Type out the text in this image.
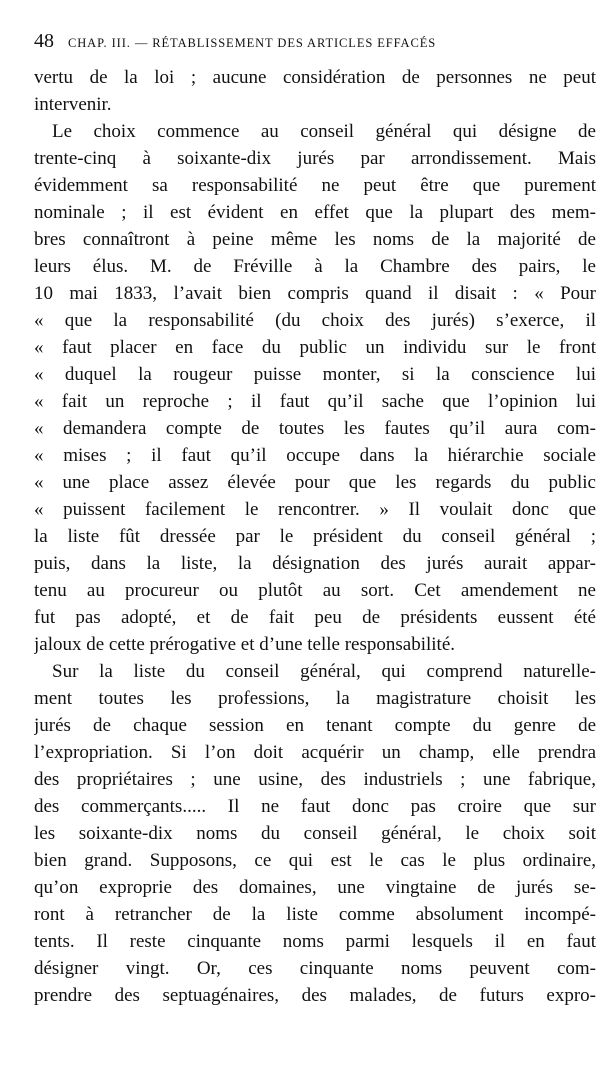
48 CHAP. III. — RÉTABLISSEMENT DES ARTICLES EFFACÉS
vertu de la loi ; aucune considération de personnes ne peut
intervenir.
Le choix commence au conseil général qui désigne de
trente-cinq à soixante-dix jurés par arrondissement. Mais
évidemment sa responsabilité ne peut être que purement
nominale ; il est évident en effet que la plupart des mem-
bres connaîtront à peine même les noms de la majorité de
leurs élus. M. de Fréville à la Chambre des pairs, le
10 mai 1833, l’avait bien compris quand il disait : « Pour
« que la responsabilité (du choix des jurés) s’exerce, il
« faut placer en face du public un individu sur le front
« duquel la rougeur puisse monter, si la conscience lui
« fait un reproche ; il faut qu’il sache que l’opinion lui
« demandera compte de toutes les fautes qu’il aura com-
« mises ; il faut qu’il occupe dans la hiérarchie sociale
« une place assez élevée pour que les regards du public
« puissent facilement le rencontrer. » Il voulait donc que
la liste fût dressée par le président du conseil général ;
puis, dans la liste, la désignation des jurés aurait appar-
tenu au procureur ou plutôt au sort. Cet amendement ne
fut pas adopté, et de fait peu de présidents eussent été
jaloux de cette prérogative et d’une telle responsabilité.
Sur la liste du conseil général, qui comprend naturelle-
ment toutes les professions, la magistrature choisit les
jurés de chaque session en tenant compte du genre de
l’expropriation. Si l’on doit acquérir un champ, elle prendra
des propriétaires ; une usine, des industriels ; une fabrique,
des commerçants..... Il ne faut donc pas croire que sur
les soixante-dix noms du conseil général, le choix soit
bien grand. Supposons, ce qui est le cas le plus ordinaire,
qu’on exproprie des domaines, une vingtaine de jurés se-
ront à retrancher de la liste comme absolument incompé-
tents. Il reste cinquante noms parmi lesquels il en faut
désigner vingt. Or, ces cinquante noms peuvent com-
prendre des septuagénaires, des malades, de futurs expro-
